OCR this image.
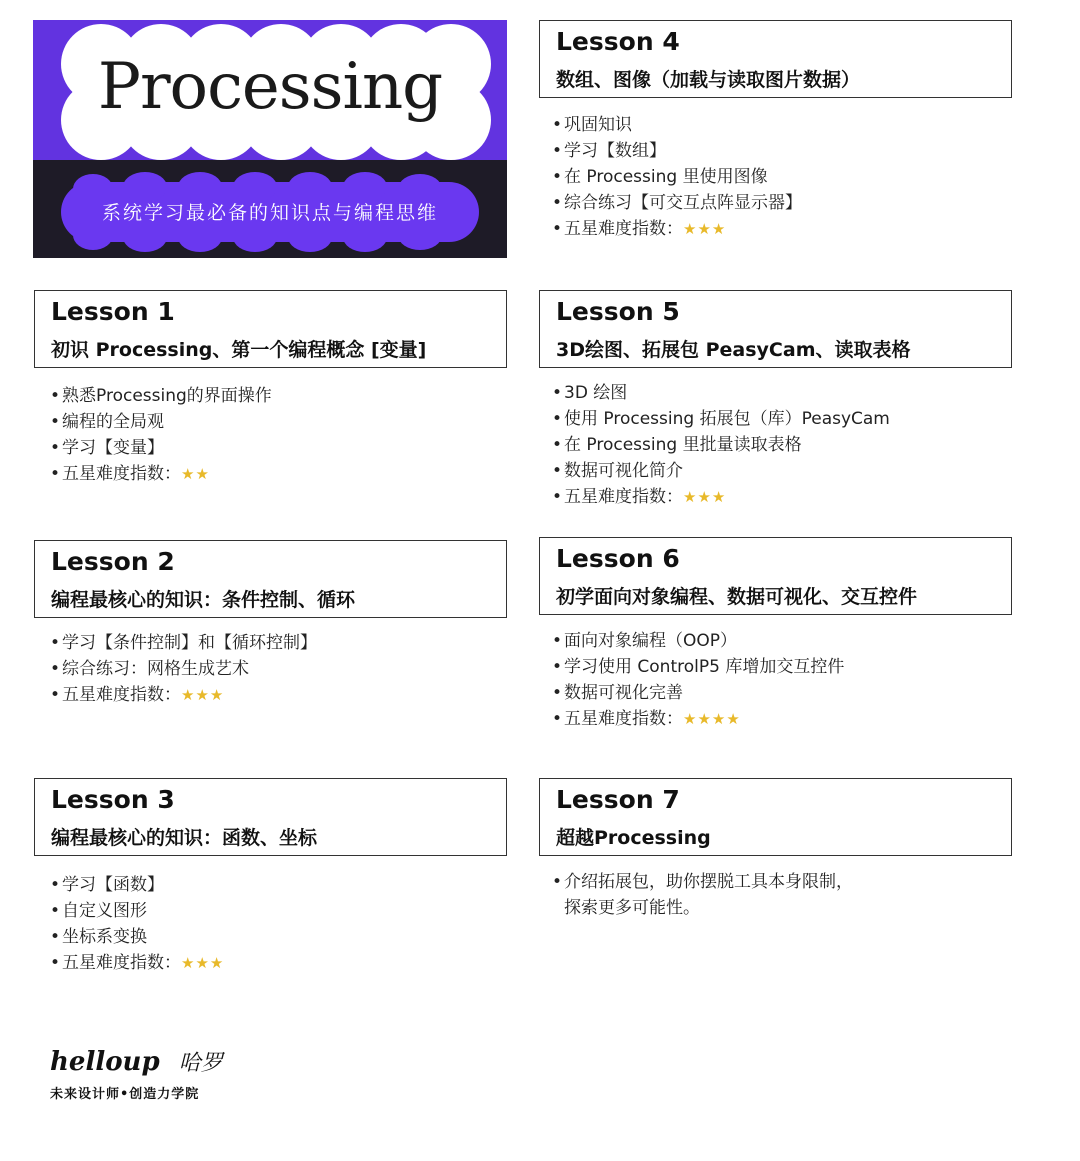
Processing
系统学习最必备的知识点与编程思维
Lesson 1
初识 Processing、第一个编程概念 [变量]
• 熟悉Processing的界面操作
• 编程的全局观
• 学习【变量】
• 五星难度指数：★★
Lesson 2
编程最核心的知识：条件控制、循环
• 学习【条件控制】和【循环控制】
• 综合练习：网格生成艺术
• 五星难度指数：★★★
Lesson 3
编程最核心的知识：函数、坐标
• 学习【函数】
• 自定义图形
• 坐标系变换
• 五星难度指数：★★★
Lesson 4
数组、图像（加载与读取图片数据）
• 巩固知识
• 学习【数组】
• 在 Processing 里使用图像
• 综合练习【可交互点阵显示器】
• 五星难度指数：★★★
Lesson 5
3D绘图、拓展包 PeasyCam、读取表格
• 3D 绘图
• 使用 Processing 拓展包（库）PeasyCam
• 在 Processing 里批量读取表格
• 数据可视化简介
• 五星难度指数：★★★
Lesson 6
初学面向对象编程、数据可视化、交互控件
• 面向对象编程（OOP）
• 学习使用 ControlP5 库增加交互控件
• 数据可视化完善
• 五星难度指数：★★★★
Lesson 7
超越Processing
• 介绍拓展包，助你摆脱工具本身限制，
探索更多可能性。
helloup 哈罗
未来设计师•创造力学院
